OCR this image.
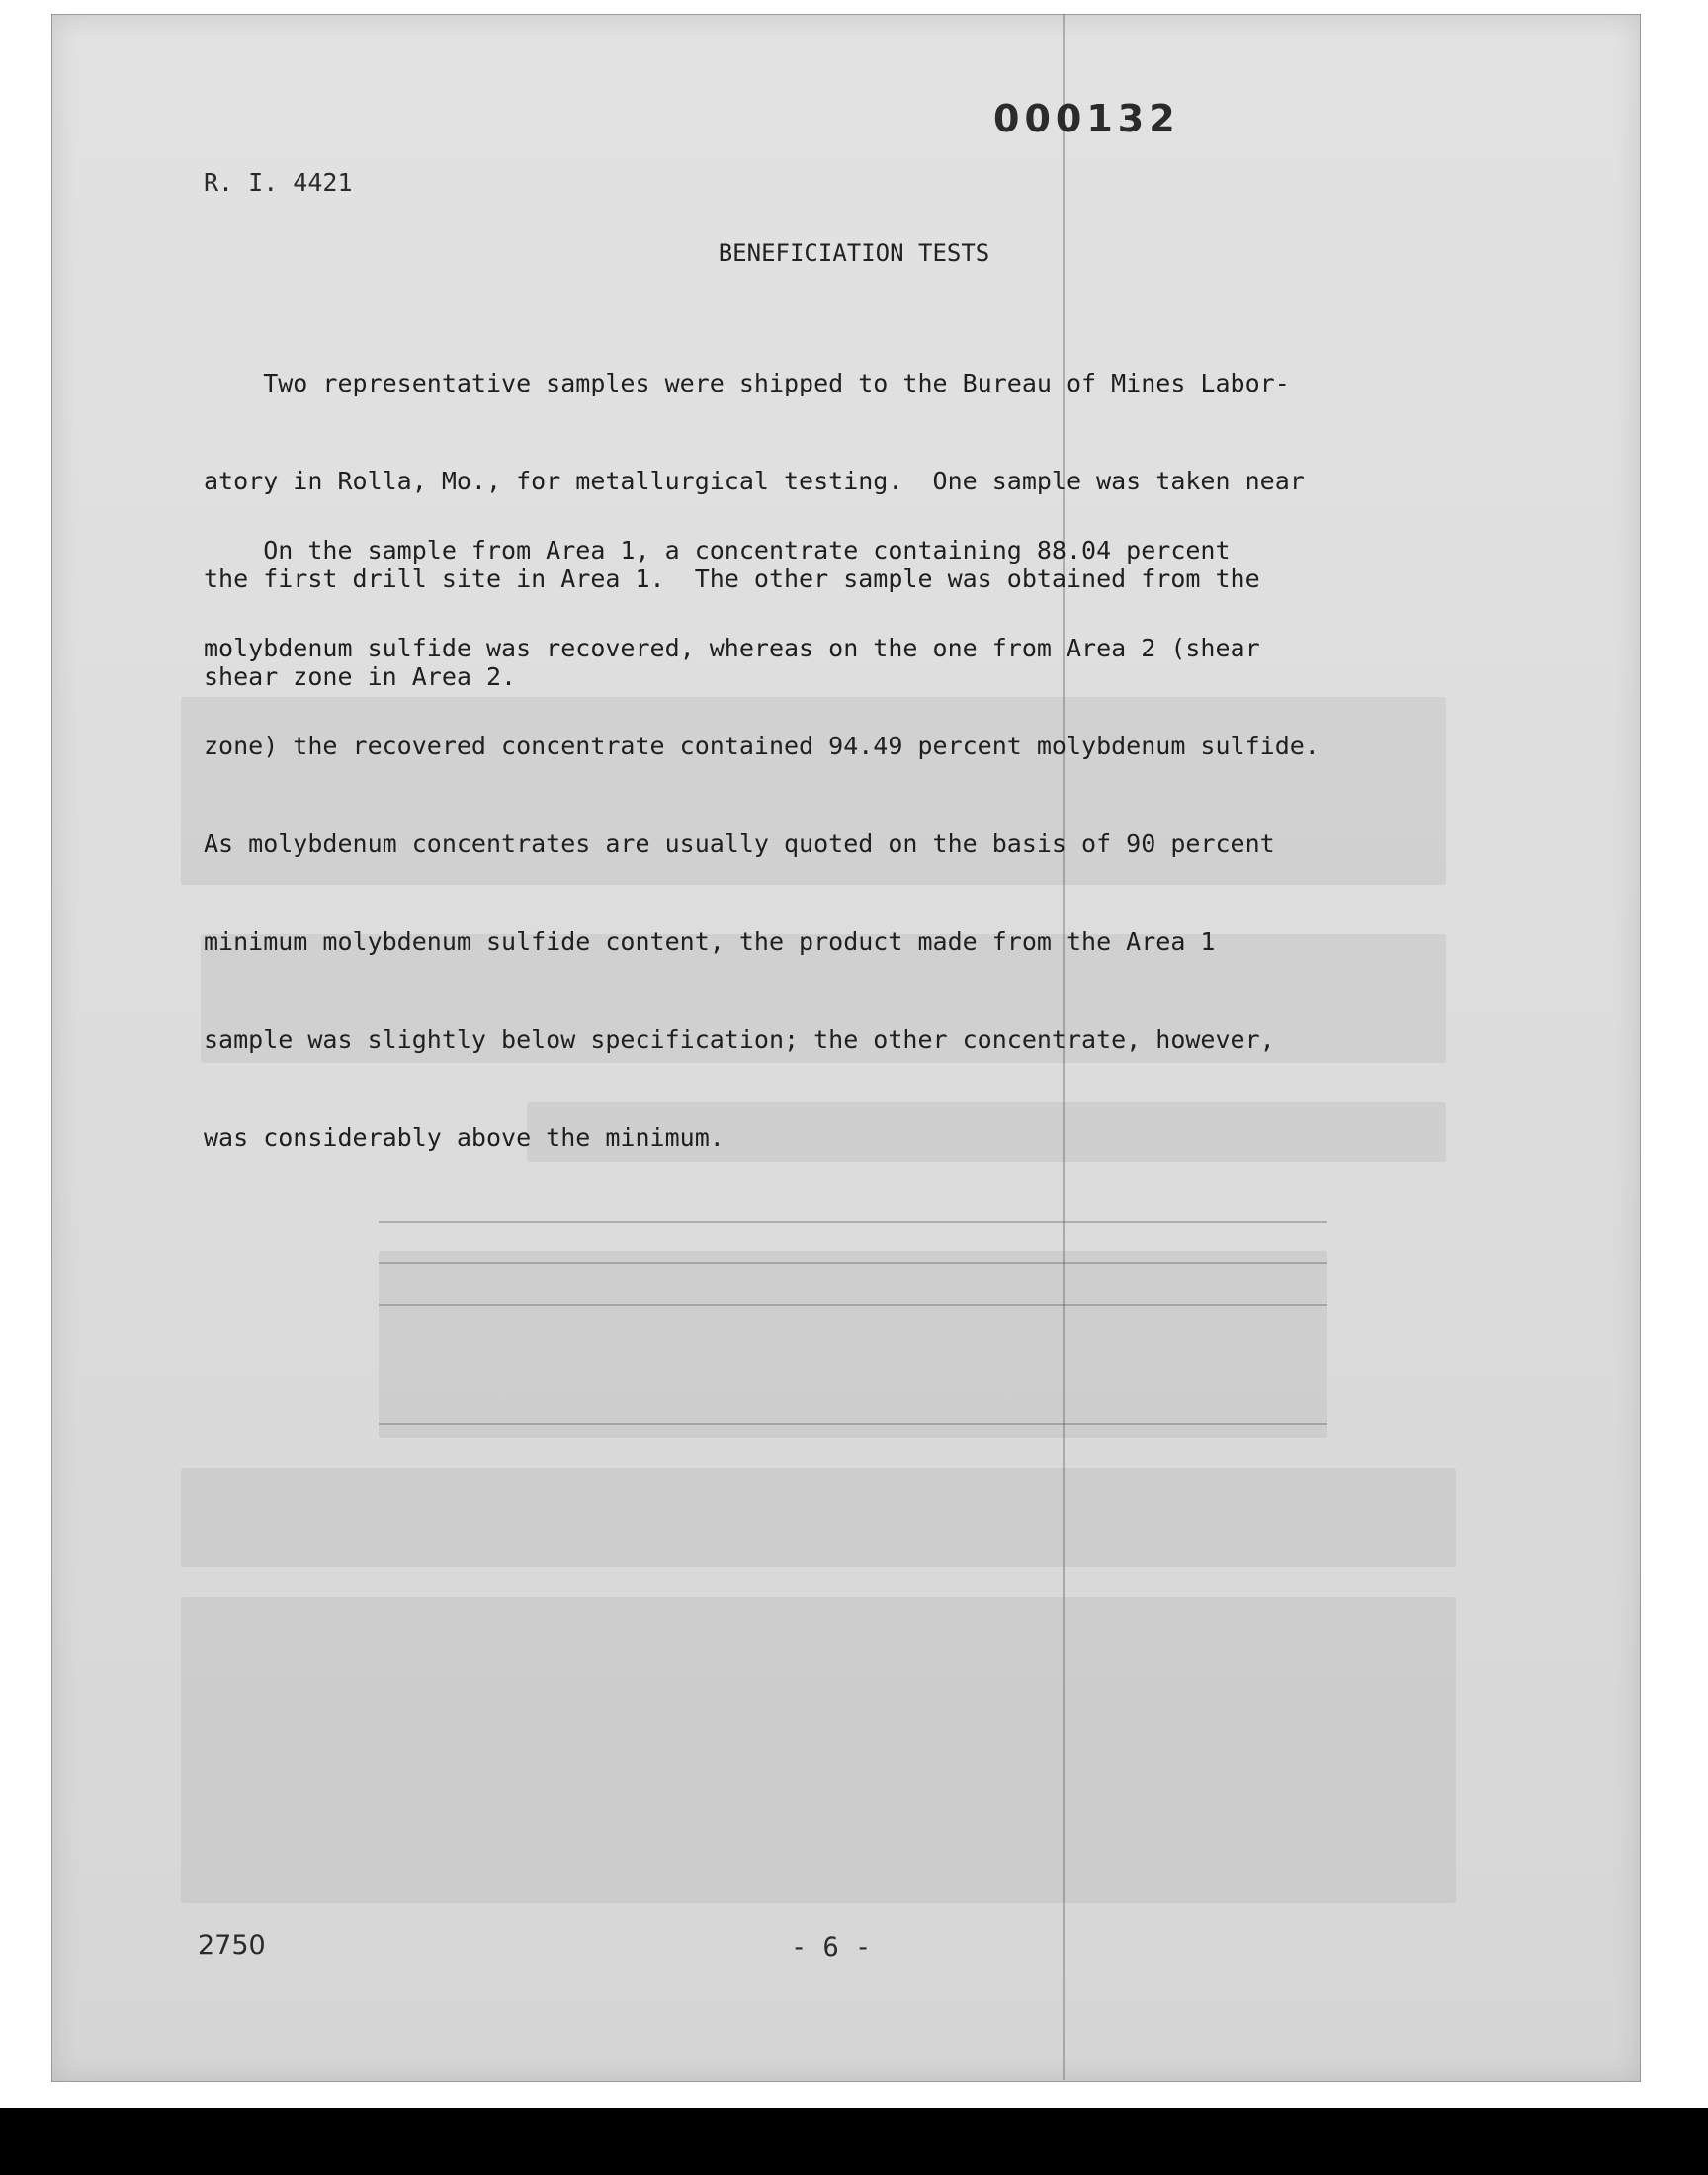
000132
R. I. 4421
BENEFICIATION TESTS

Two representative samples were shipped to the Bureau of Mines Labor-

atory in Rolla, Mo., for metallurgical testing.  One sample was taken near

the first drill site in Area 1.  The other sample was obtained from the

shear zone in Area 2.

On the sample from Area 1, a concentrate containing 88.04 percent

molybdenum sulfide was recovered, whereas on the one from Area 2 (shear

zone) the recovered concentrate contained 94.49 percent molybdenum sulfide.

As molybdenum concentrates are usually quoted on the basis of 90 percent

minimum molybdenum sulfide content, the product made from the Area 1

sample was slightly below specification; the other concentrate, however,

was considerably above the minimum.

2750	- 6 -
